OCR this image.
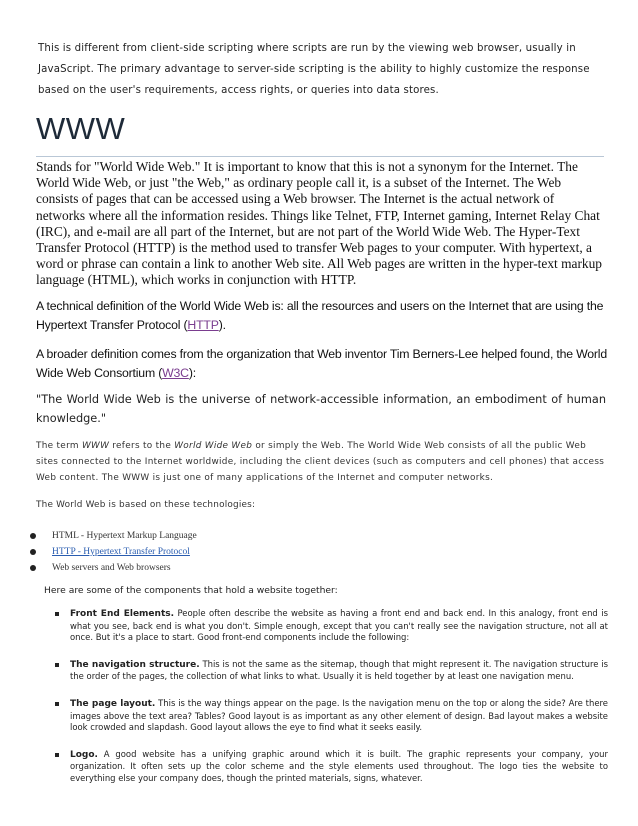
This is different from client-side scripting where scripts are run by the viewing web browser, usually in JavaScript. The primary advantage to server-side scripting is the ability to highly customize the response based on the user's requirements, access rights, or queries into data stores.

WWW

Stands for "World Wide Web." It is important to know that this is not a synonym for the Internet. The World Wide Web, or just "the Web," as ordinary people call it, is a subset of the Internet. The Web consists of pages that can be accessed using a Web browser. The Internet is the actual network of networks where all the information resides. Things like Telnet, FTP, Internet gaming, Internet Relay Chat (IRC), and e-mail are all part of the Internet, but are not part of the World Wide Web. The Hyper-Text Transfer Protocol (HTTP) is the method used to transfer Web pages to your computer. With hypertext, a word or phrase can contain a link to another Web site. All Web pages are written in the hyper-text markup language (HTML), which works in conjunction with HTTP.

A technical definition of the World Wide Web is: all the resources and users on the Internet that are using the Hypertext Transfer Protocol (HTTP).

A broader definition comes from the organization that Web inventor Tim Berners-Lee helped found, the World Wide Web Consortium (W3C):

"The World Wide Web is the universe of network-accessible information, an embodiment of human knowledge."

The term WWW refers to the World Wide Web or simply the Web. The World Wide Web consists of all the public Web sites connected to the Internet worldwide, including the client devices (such as computers and cell phones) that access Web content. The WWW is just one of many applications of the Internet and computer networks.

The World Web is based on these technologies:

HTML - Hypertext Markup Language
HTTP - Hypertext Transfer Protocol
Web servers and Web browsers

Here are some of the components that hold a website together:

Front End Elements. People often describe the website as having a front end and back end. In this analogy, front end is what you see, back end is what you don't. Simple enough, except that you can't really see the navigation structure, not all at once. But it's a place to start. Good front-end components include the following:
The navigation structure. This is not the same as the sitemap, though that might represent it. The navigation structure is the order of the pages, the collection of what links to what. Usually it is held together by at least one navigation menu.
The page layout. This is the way things appear on the page. Is the navigation menu on the top or along the side? Are there images above the text area? Tables? Good layout is as important as any other element of design. Bad layout makes a website look crowded and slapdash. Good layout allows the eye to find what it seeks easily.
Logo. A good website has a unifying graphic around which it is built. The graphic represents your company, your organization. It often sets up the color scheme and the style elements used throughout. The logo ties the website to everything else your company does, though the printed materials, signs, whatever.
